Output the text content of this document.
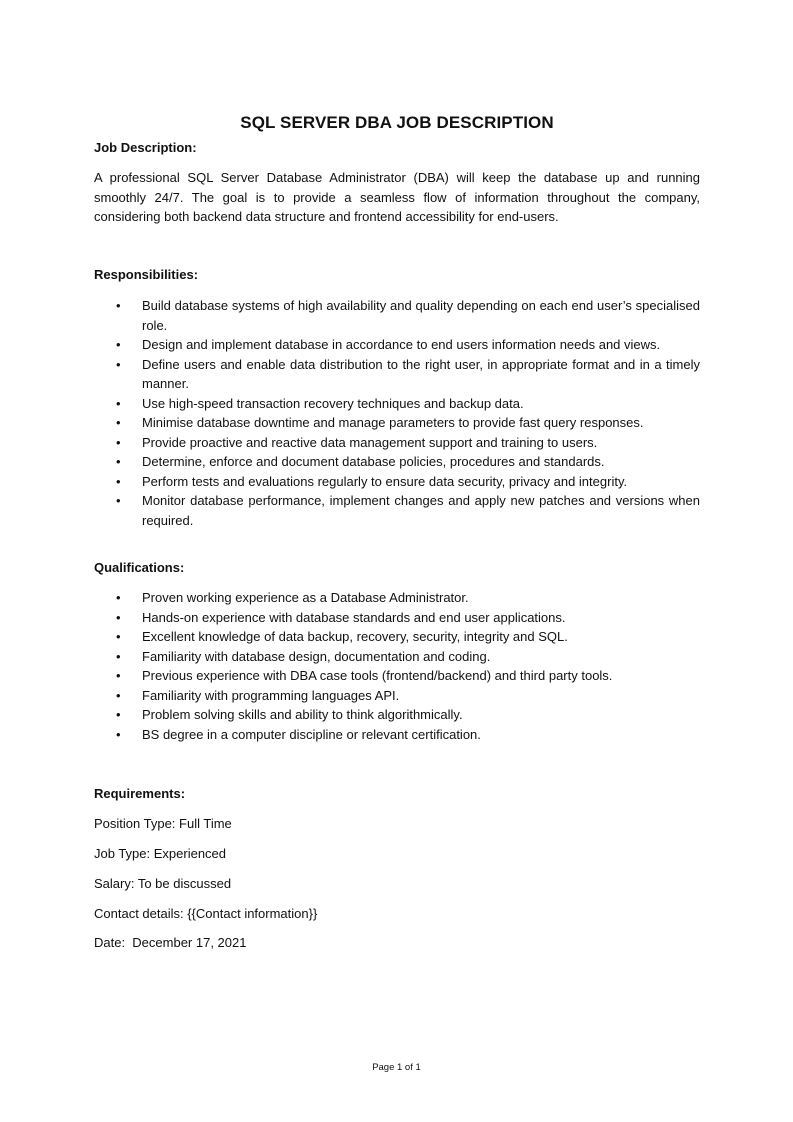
SQL SERVER DBA JOB DESCRIPTION
Job Description:

A professional SQL Server Database Administrator (DBA) will keep the database up and running smoothly 24/7. The goal is to provide a seamless flow of information throughout the company, considering both backend data structure and frontend accessibility for end-users.

Responsibilities:
• Build database systems of high availability and quality depending on each end user’s specialised role.
• Design and implement database in accordance to end users information needs and views.
• Define users and enable data distribution to the right user, in appropriate format and in a timely manner.
• Use high-speed transaction recovery techniques and backup data.
• Minimise database downtime and manage parameters to provide fast query responses.
• Provide proactive and reactive data management support and training to users.
• Determine, enforce and document database policies, procedures and standards.
• Perform tests and evaluations regularly to ensure data security, privacy and integrity.
• Monitor database performance, implement changes and apply new patches and versions when required.
Qualifications:
• Proven working experience as a Database Administrator.
• Hands-on experience with database standards and end user applications.
• Excellent knowledge of data backup, recovery, security, integrity and SQL.
• Familiarity with database design, documentation and coding.
• Previous experience with DBA case tools (frontend/backend) and third party tools.
• Familiarity with programming languages API.
• Problem solving skills and ability to think algorithmically.
• BS degree in a computer discipline or relevant certification.
Requirements:

Position Type: Full Time

Job Type: Experienced

Salary: To be discussed

Contact details: {{Contact information}}

Date:  December 17, 2021

Page 1 of 1
